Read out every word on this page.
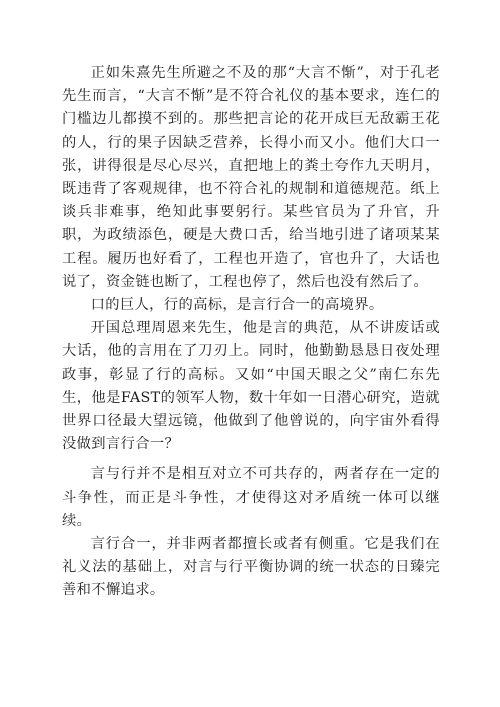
正如朱熹先生所避之不及的那“大言不惭”，对于孔老先生而言，“大言不惭”是不符合礼仪的基本要求，连仁的门槛边儿都摸不到的。那些把言论的花开成巨无敌霸王花的人，行的果子因缺乏营养，长得小而又小。他们大口一张，讲得很是尽心尽兴，直把地上的粪土夸作九天明月，既违背了客观规律，也不符合礼的规制和道德规范。纸上谈兵非难事，绝知此事要躬行。某些官员为了升官，升职，为政绩添色，硬是大费口舌，给当地引进了诸项某某工程。履历也好看了，工程也开造了，官也升了，大话也说了，资金链也断了，工程也停了，然后也没有然后了。

口的巨人，行的高标，是言行合一的高境界。

开国总理周恩来先生，他是言的典范，从不讲废话或大话，他的言用在了刀刃上。同时，他勤勤恳恳日夜处理政事，彰显了行的高标。又如“中国天眼之父”南仁东先生，他是FAST的领军人物，数十年如一日潜心研究，造就世界口径最大望远镜，他做到了他曾说的，向宇宙外看得没做到言行合一？

言与行并不是相互对立不可共存的，两者存在一定的斗争性，而正是斗争性，才使得这对矛盾统一体可以继续。

言行合一，并非两者都擅长或者有侧重。它是我们在礼义法的基础上，对言与行平衡协调的统一状态的日臻完善和不懈追求。
